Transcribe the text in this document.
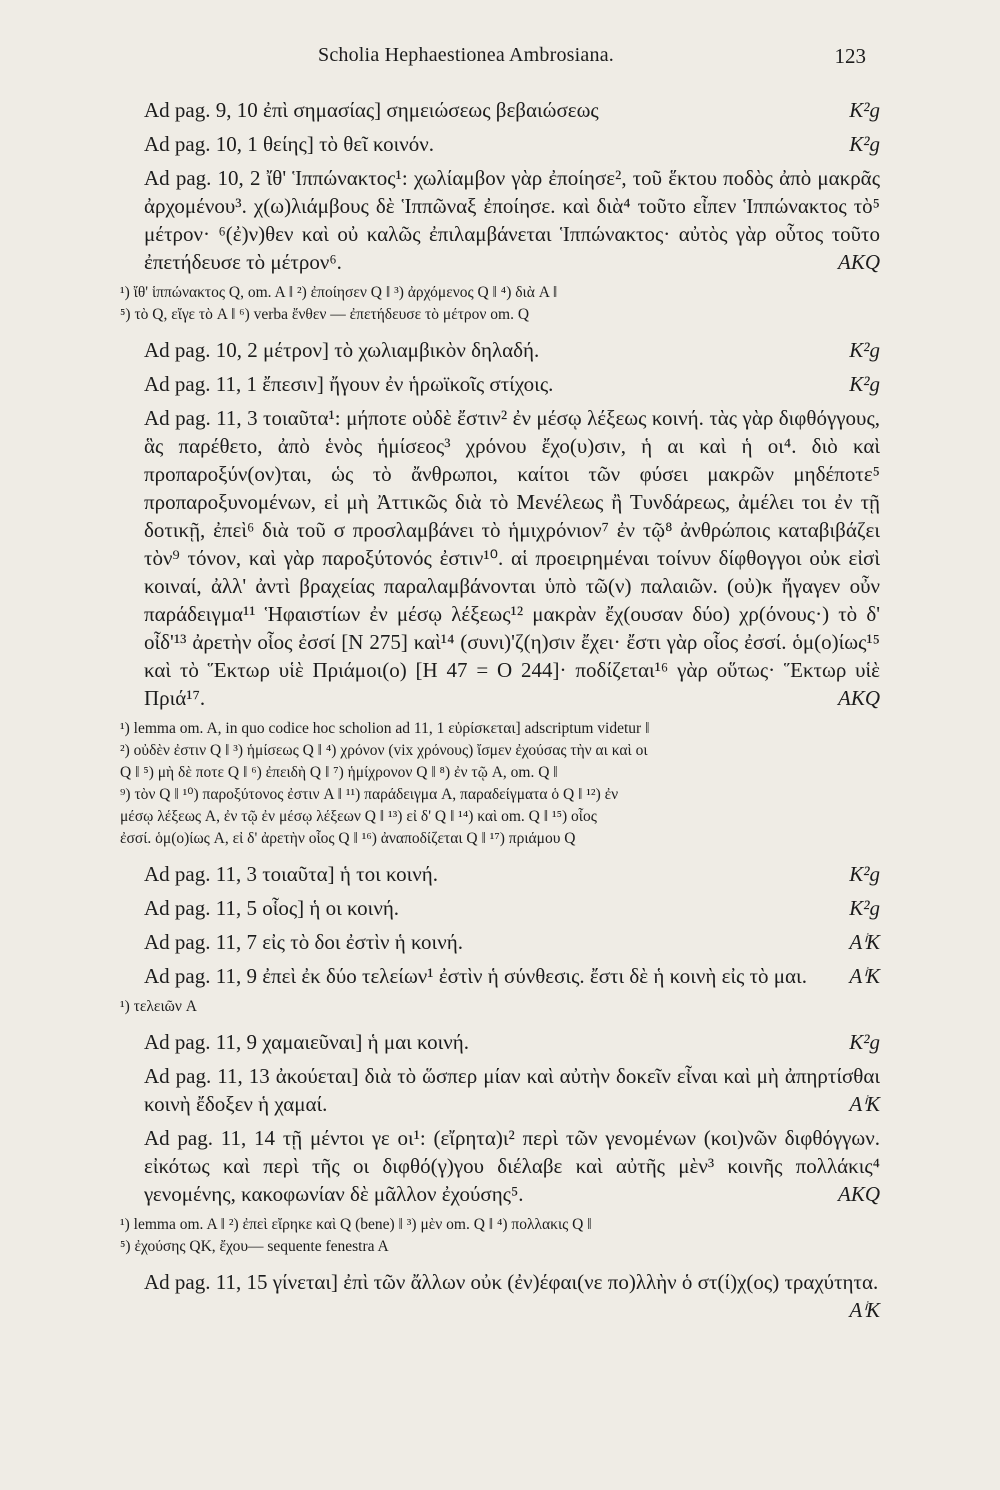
Scholia Hephaestionea Ambrosiana.	123

Ad pag. 9, 10 ἐπὶ σημασίας] σημειώσεως βεβαιώσεως	K²g

Ad pag. 10, 1 θείης] τὸ θεῖ κοινόν.	K²g

Ad pag. 10, 2 ἴθ' Ἱππώνακτος¹: χωλίαμβον γὰρ ἐποίησε², τοῦ ἕκτου ποδὸς ἀπὸ μακρᾶς ἀρχομένου³. χ(ω)λιάμβους δὲ Ἱππῶναξ ἐποίησε. καὶ διὰ⁴ τοῦτο εἶπεν Ἱππώνακτος τὸ⁵ μέτρον· ⁶(ἐ)ν)θεν καὶ οὐ καλῶς ἐπιλαμβάνεται Ἱππώνακτος· αὐτὸς γὰρ οὗτος τοῦτο ἐπετήδευσε τὸ μέτρον⁶.	AKQ

¹) ἴθ' ἱππώνακτος Q, om. A ‖ ²) ἐποίησεν Q ‖ ³) ἀρχόμενος Q ‖ ⁴) διὰ A ‖
⁵) τὸ Q, εἴγε τὸ A ‖ ⁶) verba ἔνθεν — ἐπετήδευσε τὸ μέτρον om. Q

Ad pag. 10, 2 μέτρον] τὸ χωλιαμβικὸν δηλαδή.	K²g

Ad pag. 11, 1 ἔπεσιν] ἤγουν ἐν ἡρωϊκοῖς στίχοις.	K²g

Ad pag. 11, 3 τοιαῦτα¹: μήποτε οὐδὲ ἔστιν² ἐν μέσῳ λέξεως κοινή. τὰς γὰρ διφθόγγους, ἃς παρέθετο, ἀπὸ ἑνὸς ἡμίσεος³ χρόνου ἔχο(υ)σιν, ἡ αι καὶ ἡ οι⁴. διὸ καὶ προπαροξύν(ον)ται, ὡς τὸ ἄνθρωποι, καίτοι τῶν φύσει μακρῶν μηδέποτε⁵ προπαροξυνομένων, εἰ μὴ Ἀττικῶς διὰ τὸ Μενέλεως ἢ Τυνδάρεως, ἀμέλει τοι ἐν τῇ δοτικῇ, ἐπεὶ⁶ διὰ τοῦ σ προσλαμβάνει τὸ ἡμιχρόνιον⁷ ἐν τῷ⁸ ἀνθρώποις καταβιβάζει τὸν⁹ τόνον, καὶ γὰρ παροξύτονός ἐστιν¹⁰. αἱ προειρημέναι τοίνυν δίφθογγοι οὐκ εἰσὶ κοιναί, ἀλλ' ἀντὶ βραχείας παραλαμβάνονται ὑπὸ τῶ(ν) παλαιῶν. (οὐ)κ ἤγαγεν οὖν παράδειγμα¹¹ Ἡφαιστίων ἐν μέσῳ λέξεως¹² μακρὰν ἔχ(ουσαν δύο) χρ(όνους·) τὸ δ' οἶδ'¹³ ἀρετὴν οἷος ἐσσί [N 275] καὶ¹⁴ (συνι)'ζ(η)σιν ἔχει· ἔστι γὰρ οἷος ἐσσί. ὁμ(ο)ίως¹⁵ καὶ τὸ Ἕκτωρ υἱὲ Πριάμοι(ο) [H 47 = O 244]· ποδίζεται¹⁶ γὰρ οὕτως· Ἕκτωρ υἱὲ Πριά¹⁷.	AKQ

¹) lemma om. A, in quo codice hoc scholion ad 11, 1 εὑρίσκεται] adscriptum videtur ‖
²) οὐδὲν ἐστιν Q ‖ ³) ἡμίσεως Q ‖ ⁴) χρόνον (vix χρόνους) ἴσμεν ἐχούσας τὴν αι καὶ οι
Q ‖ ⁵) μὴ δὲ ποτε Q ‖ ⁶) ἐπειδὴ Q ‖ ⁷) ἡμίχρονον Q ‖ ⁸) ἐν τῷ A, om. Q ‖
⁹) τὸν Q ‖ ¹⁰) παροξύτονος ἐστιν A ‖ ¹¹) παράδειγμα A, παραδείγματα ὁ Q ‖ ¹²) ἐν
μέσῳ λέξεως A, ἐν τῷ ἐν μέσῳ λέξεων Q ‖ ¹³) εἰ δ' Q ‖ ¹⁴) καὶ om. Q ‖ ¹⁵) οἷος
ἐσσί. ὁμ(ο)ίως A, εἰ δ' ἀρετὴν οἷος Q ‖ ¹⁶) ἀναποδίζεται Q ‖ ¹⁷) πριάμου Q

Ad pag. 11, 3 τοιαῦτα] ἡ τοι κοινή.	K²g

Ad pag. 11, 5 οἷος] ἡ οι κοινή.	K²g

Ad pag. 11, 7 εἰς τὸ δοι ἐστὶν ἡ κοινή.	AⁱK

Ad pag. 11, 9 ἐπεὶ ἐκ δύο τελείων¹ ἐστὶν ἡ σύνθεσις. ἔστι δὲ ἡ κοινὴ εἰς τὸ μαι.	AⁱK

¹) τελειῶν A

Ad pag. 11, 9 χαμαιεῦναι] ἡ μαι κοινή.	K²g

Ad pag. 11, 13 ἀκούεται] διὰ τὸ ὥσπερ μίαν καὶ αὐτὴν δοκεῖν εἶναι καὶ μὴ ἀπηρτίσθαι κοινὴ ἔδοξεν ἡ χαμαί.	AⁱK

Ad pag. 11, 14 τῇ μέντοι γε οι¹: (εἴρητα)ι² περὶ τῶν γενομένων (κοι)νῶν διφθόγγων. εἰκότως καὶ περὶ τῆς οι διφθό(γ)γου διέλαβε καὶ αὐτῆς μὲν³ κοινῆς πολλάκις⁴ γενομένης, κακοφωνίαν δὲ μᾶλλον ἐχούσης⁵.	AKQ

¹) lemma om. A ‖ ²) ἐπεὶ εἴρηκε καὶ Q (bene) ‖ ³) μὲν om. Q ‖ ⁴) πολλακις Q ‖
⁵) ἐχούσης QK, ἔχου— sequente fenestra A

Ad pag. 11, 15 γίνεται] ἐπὶ τῶν ἄλλων οὐκ (ἐν)έφαι(νε πο)λλὴν ὁ στ(ί)χ(ος) τραχύτητα.
AⁱK
